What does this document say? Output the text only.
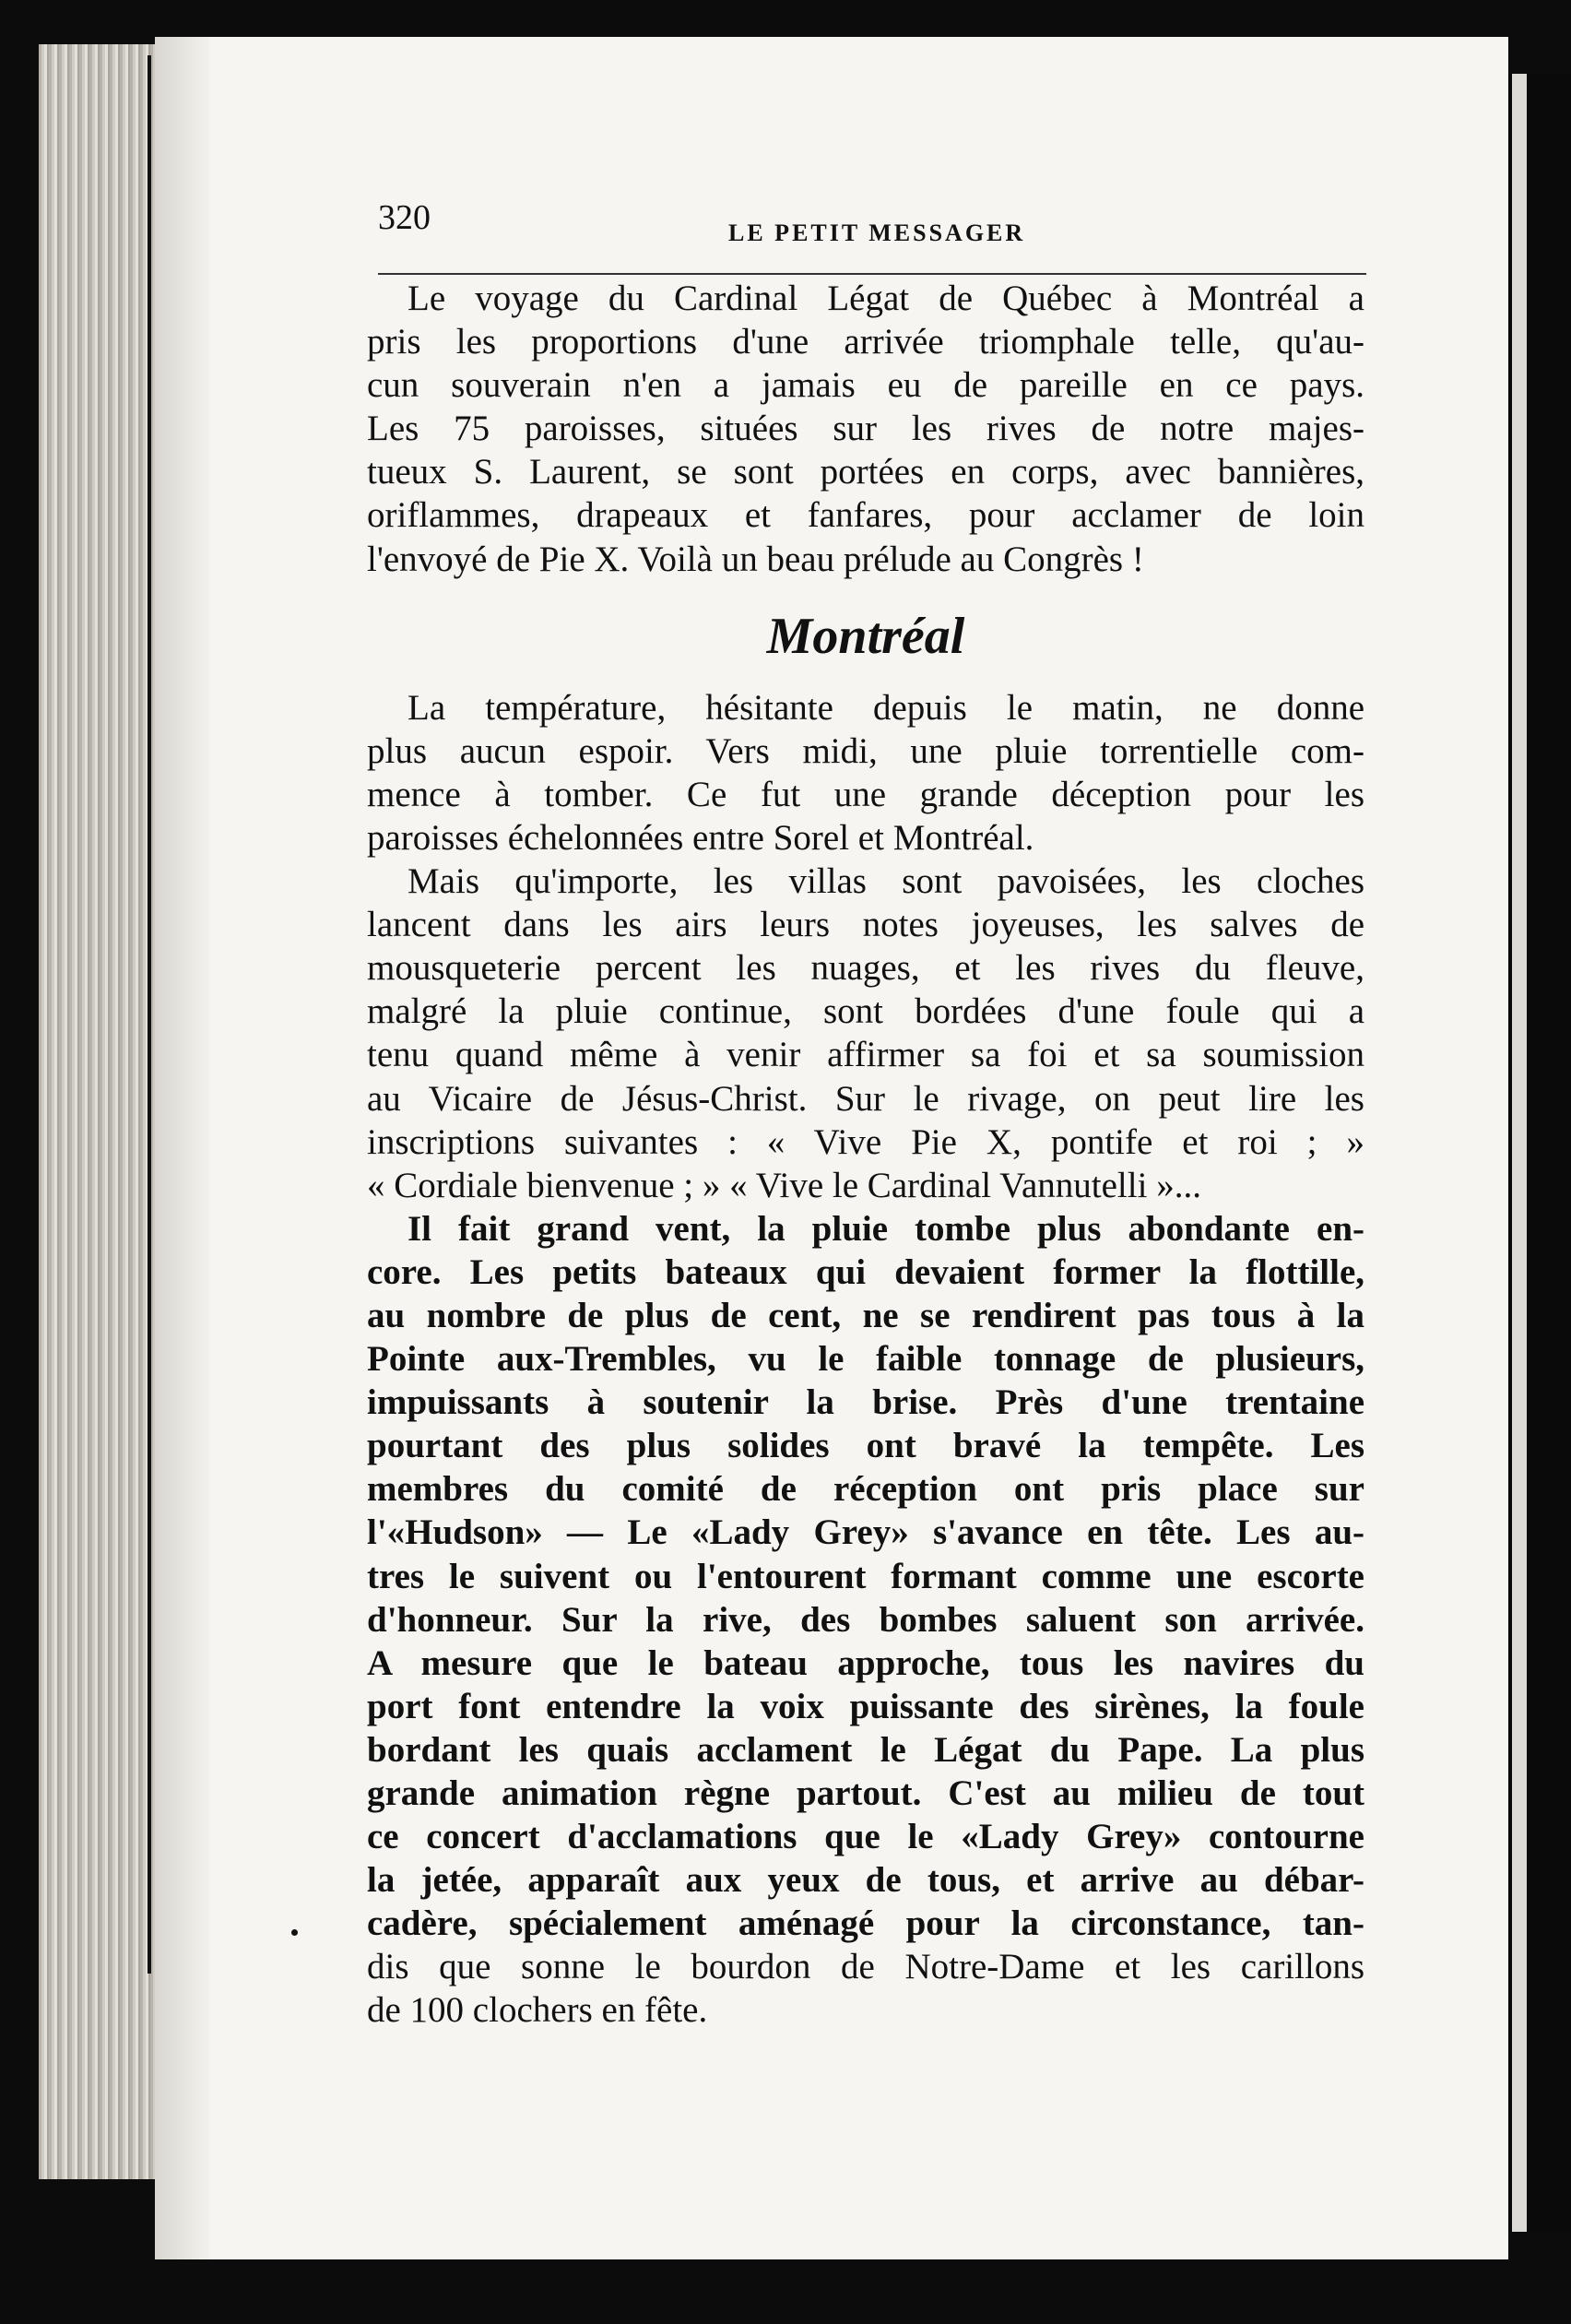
320	LE PETIT MESSAGER
Le voyage du Cardinal Légat de Québec à Montréal a
pris les proportions d'une arrivée triomphale telle, qu'au-
cun souverain n'en a jamais eu de pareille en ce pays.
Les 75 paroisses, situées sur les rives de notre majes-
tueux S. Laurent, se sont portées en corps, avec bannières,
oriflammes, drapeaux et fanfares, pour acclamer de loin
l'envoyé de Pie X. Voilà un beau prélude au Congrès !
Montréal
La température, hésitante depuis le matin, ne donne
plus aucun espoir. Vers midi, une pluie torrentielle com-
mence à tomber. Ce fut une grande déception pour les
paroisses échelonnées entre Sorel et Montréal.
Mais qu'importe, les villas sont pavoisées, les cloches
lancent dans les airs leurs notes joyeuses, les salves de
mousqueterie percent les nuages, et les rives du fleuve,
malgré la pluie continue, sont bordées d'une foule qui a
tenu quand même à venir affirmer sa foi et sa soumission
au Vicaire de Jésus-Christ. Sur le rivage, on peut lire les
inscriptions suivantes : « Vive Pie X, pontife et roi ; »
« Cordiale bienvenue ; » « Vive le Cardinal Vannutelli »...
Il fait grand vent, la pluie tombe plus abondante en-
core. Les petits bateaux qui devaient former la flottille,
au nombre de plus de cent, ne se rendirent pas tous à la
Pointe aux-Trembles, vu le faible tonnage de plusieurs,
impuissants à soutenir la brise. Près d'une trentaine
pourtant des plus solides ont bravé la tempête. Les
membres du comité de réception ont pris place sur
l'«Hudson» — Le «Lady Grey» s'avance en tête. Les au-
tres le suivent ou l'entourent formant comme une escorte
d'honneur. Sur la rive, des bombes saluent son arrivée.
A mesure que le bateau approche, tous les navires du
port font entendre la voix puissante des sirènes, la foule
bordant les quais acclament le Légat du Pape. La plus
grande animation règne partout. C'est au milieu de tout
ce concert d'acclamations que le «Lady Grey» contourne
la jetée, apparaît aux yeux de tous, et arrive au débar-
cadère, spécialement aménagé pour la circonstance, tan-
dis que sonne le bourdon de Notre-Dame et les carillons
de 100 clochers en fête.
